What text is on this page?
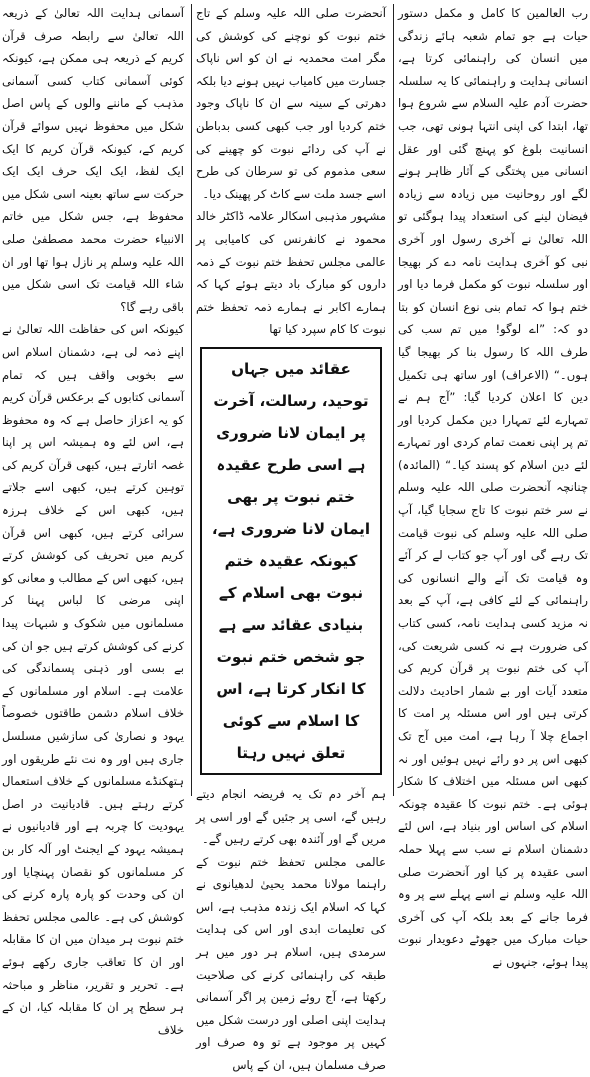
رب العالمین کا کامل و مکمل دستور حیات ہے جو تمام شعبہ ہائے زندگی میں انسان کی راہنمائی کرتا ہے، انسانی ہدایت و راہنمائی کا یہ سلسلہ حضرت آدم علیہ السلام سے شروع ہوا تھا، ابتدا کی اپنی انتہا ہونی تھی، جب انسانیت بلوغ کو پہنچ گئی اور عقل انسانی میں پختگی کے آثار ظاہر ہونے لگے اور روحانیت میں زیادہ سے زیادہ فیضان لینے کی استعداد پیدا ہوگئی تو اللہ تعالیٰ نے آخری رسول اور آخری نبی کو آخری ہدایت نامہ دے کر بھیجا اور سلسلہ نبوت کو مکمل فرما دیا اور ختم ہوا کہ تمام بنی نوع انسان کو بتا دو کہ: ”اے لوگو! میں تم سب کی طرف اللہ کا رسول بنا کر بھیجا گیا ہوں۔“ (الاعراف) اور ساتھ ہی تکمیل دین کا اعلان کردیا گیا: ”آج ہم نے تمہارے لئے تمہارا دین مکمل کردیا اور تم پر اپنی نعمت تمام کردی اور تمہارے لئے دین اسلام کو پسند کیا۔“ (المائدہ) چنانچہ آنحضرت صلی اللہ علیہ وسلم نے سر ختم نبوت کا تاج سجایا گیا، آپ صلی اللہ علیہ وسلم کی نبوت قیامت تک رہے گی اور آپ جو کتاب لے کر آئے وہ قیامت تک آنے والے انسانوں کی راہنمائی کے لئے کافی ہے، آپ کے بعد نہ مزید کسی ہدایت نامہ، کسی کتاب کی ضرورت ہے نہ کسی شریعت کی، آپ کی ختم نبوت پر قرآن کریم کی متعدد آیات اور بے شمار احادیث دلالت کرتی ہیں اور اس مسئلہ پر امت کا اجماع چلا آ رہا ہے، امت میں آج تک کبھی اس پر دو رائے نہیں ہوئیں اور نہ کبھی اس مسئلہ میں اختلاف کا شکار ہوئی ہے۔ ختم نبوت کا عقیدہ چونکہ اسلام کی اساس اور بنیاد ہے، اس لئے دشمنان اسلام نے سب سے پہلا حملہ اسی عقیدہ پر کیا اور آنحضرت صلی اللہ علیہ وسلم نے اسے پہلے سے پر وہ فرما جانے کے بعد بلکہ آپ کی آخری حیات مبارک میں جھوٹے دعویدار نبوت پیدا ہوئے، جنہوں نے

آنحضرت صلی اللہ علیہ وسلم کے تاج ختم نبوت کو نوچنے کی کوشش کی مگر امت محمدیہ نے ان کو اس ناپاک جسارت میں کامیاب نہیں ہونے دیا بلکہ دھرتی کے سینہ سے ان کا ناپاک وجود ختم کردیا اور جب کبھی کسی بدباطن نے آپ کی ردائے نبوت کو چھینے کی سعی مذموم کی تو سرطان کی طرح اسے جسد ملت سے کاٹ کر پھینک دیا۔

مشہور مذہبی اسکالر علامہ ڈاکٹر خالد محمود نے کانفرنس کی کامیابی پر عالمی مجلس تحفظ ختم نبوت کے ذمہ داروں کو مبارک باد دیتے ہوئے کہا کہ ہمارے اکابر نے ہمارے ذمہ تحفظ ختم نبوت کا کام سپرد کیا تھا

عقائد میں جہاں توحید، رسالت، آخرت پر ایمان لانا ضروری ہے اسی طرح عقیدہ ختم نبوت پر بھی ایمان لانا ضروری ہے، کیونکہ عقیدہ ختم نبوت بھی اسلام کے بنیادی عقائد سے ہے جو شخص ختم نبوت کا انکار کرتا ہے، اس کا اسلام سے کوئی تعلق نہیں رہتا

ہم آخر دم تک یہ فریضہ انجام دیتے رہیں گے، اسی پر جئیں گے اور اسی پر مریں گے اور آئندہ بھی کرتے رہیں گے۔

عالمی مجلس تحفظ ختم نبوت کے راہنما مولانا محمد یحییٰ لدھیانوی نے کہا کہ اسلام ایک زندہ مذہب ہے، اس کی تعلیمات ابدی اور اس کی ہدایت سرمدی ہیں، اسلام ہر دور میں ہر طبقہ کی راہنمائی کرنے کی صلاحیت رکھتا ہے، آج روئے زمین پر اگر آسمانی ہدایت اپنی اصلی اور درست شکل میں کہیں پر موجود ہے تو وہ صرف اور صرف مسلمان ہیں، ان کے پاس

آسمانی ہدایت اللہ تعالیٰ کے ذریعہ اللہ تعالیٰ سے رابطہ صرف قرآن کریم کے ذریعہ ہی ممکن ہے، کیونکہ کوئی آسمانی کتاب کسی آسمانی مذہب کے ماننے والوں کے پاس اصل شکل میں محفوظ نہیں سوائے قرآن کریم کے، کیونکہ قرآن کریم کا ایک ایک لفظ، ایک ایک حرف ایک ایک حرکت سے ساتھ بعینہ اسی شکل میں محفوظ ہے، جس شکل میں خاتم الانبیاء حضرت محمد مصطفیٰ صلی اللہ علیہ وسلم پر نازل ہوا تھا اور ان شاء اللہ قیامت تک اسی شکل میں باقی رہے گا؟

کیونکہ اس کی حفاظت اللہ تعالیٰ نے اپنے ذمہ لی ہے، دشمنان اسلام اس سے بخوبی واقف ہیں کہ تمام آسمانی کتابوں کے برعکس قرآن کریم کو یہ اعزاز حاصل ہے کہ وہ محفوظ ہے، اس لئے وہ ہمیشہ اس پر اپنا غصہ اتارتے ہیں، کبھی قرآن کریم کی توہین کرتے ہیں، کبھی اسے جلاتے ہیں، کبھی اس کے خلاف ہرزہ سرائی کرتے ہیں، کبھی اس قرآن کریم میں تحریف کی کوشش کرتے ہیں، کبھی اس کے مطالب و معانی کو اپنی مرضی کا لباس پہنا کر مسلمانوں میں شکوک و شبہات پیدا کرنے کی کوشش کرتے ہیں جو ان کی بے بسی اور ذہنی پسماندگی کی علامت ہے۔ اسلام اور مسلمانوں کے خلاف اسلام دشمن طاقتوں خصوصاً یہود و نصاریٰ کی سازشیں مسلسل جاری ہیں اور وہ نت نئے طریقوں اور ہتھکنڈے مسلمانوں کے خلاف استعمال کرتے رہتے ہیں۔ قادیانیت در اصل یہودیت کا چربہ ہے اور قادیانیوں نے ہمیشہ یہود کے ایجنٹ اور آلہ کار بن کر مسلمانوں کو نقصان پہنچایا اور ان کی وحدت کو پارہ پارہ کرنے کی کوشش کی ہے۔ عالمی مجلس تحفظ ختم نبوت ہر میدان میں ان کا مقابلہ اور ان کا تعاقب جاری رکھے ہوئے ہے۔ تحریر و تقریر، مناظر و مباحثہ ہر سطح پر ان کا مقابلہ کیا، ان کے خلاف
